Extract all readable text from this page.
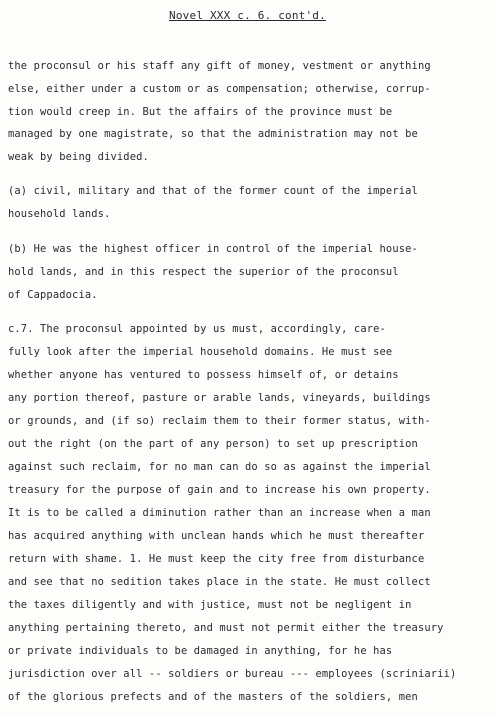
Novel XXX c. 6. cont'd.
the proconsul or his staff any gift of money, vestment or anything
else, either under a custom or as compensation; otherwise, corrup-
tion would creep in. But the affairs of the province must be
managed by one magistrate, so that the administration may not be
weak by being divided.
(a) civil, military and that of the former count of the imperial
household lands.
(b) He was the highest officer in control of the imperial house-
hold lands, and in this respect the superior of the proconsul
of Cappadocia.
c.7. The proconsul appointed by us must, accordingly, care-
fully look after the imperial household domains. He must see
whether anyone has ventured to possess himself of, or detains
any portion thereof, pasture or arable lands, vineyards, buildings
or grounds, and (if so) reclaim them to their former status, with-
out the right (on the part of any person) to set up prescription
against such reclaim, for no man can do so as against the imperial
treasury for the purpose of gain and to increase his own property.
It is to be called a diminution rather than an increase when a man
has acquired anything with unclean hands which he must thereafter
return with shame. 1. He must keep the city free from disturbance
and see that no sedition takes place in the state. He must collect
the taxes diligently and with justice, must not be negligent in
anything pertaining thereto, and must not permit either the treasury
or private individuals to be damaged in anything, for he has
jurisdiction over all -- soldiers or bureau --- employees (scriniarii)
of the glorious prefects and of the masters of the soldiers, men
